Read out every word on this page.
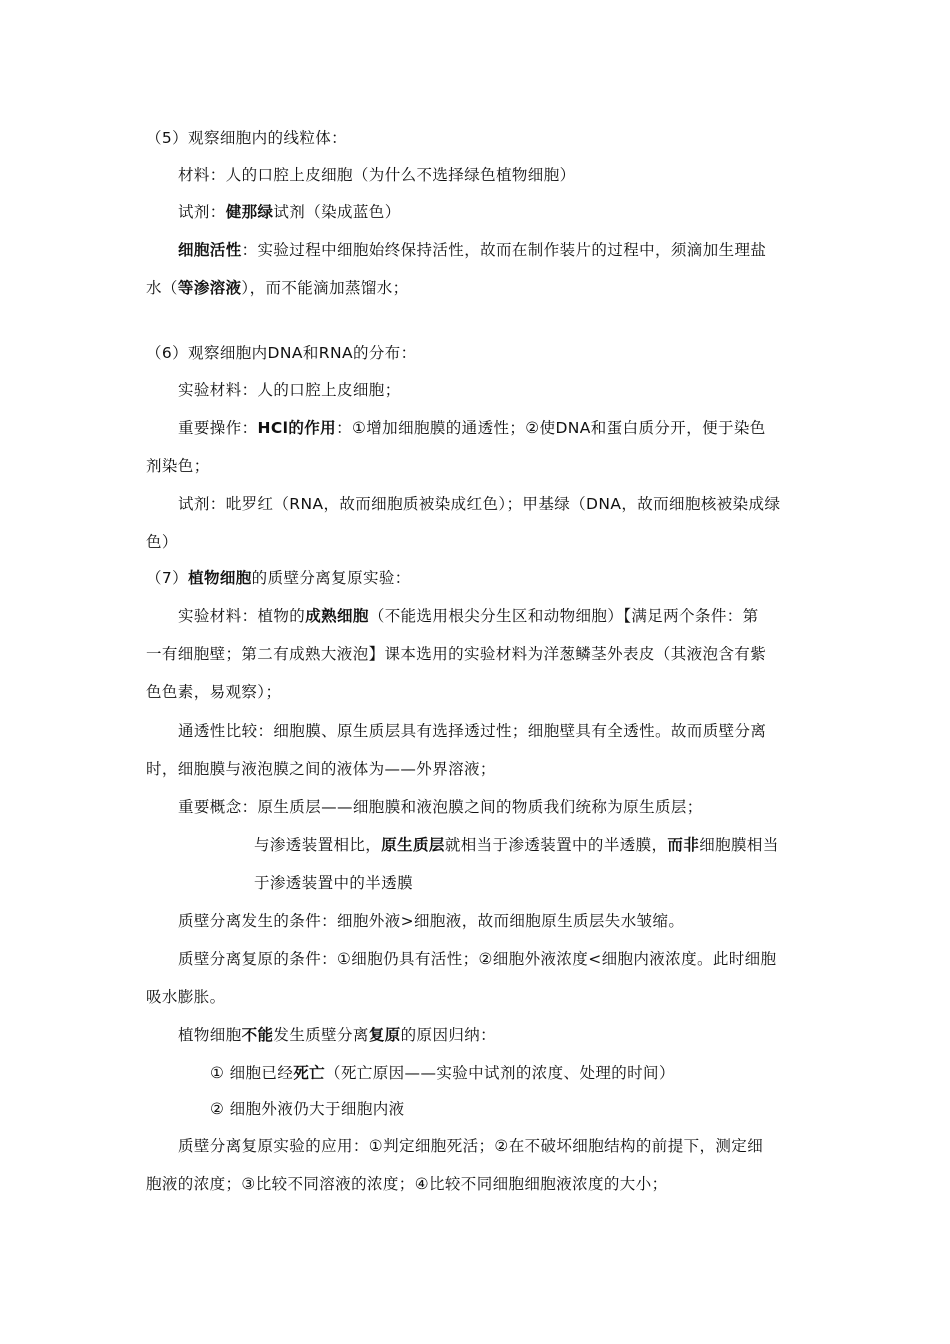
（5）观察细胞内的线粒体：
材料：人的口腔上皮细胞（为什么不选择绿色植物细胞）
试剂：健那绿试剂（染成蓝色）
细胞活性：实验过程中细胞始终保持活性，故而在制作装片的过程中，须滴加生理盐
水（等渗溶液），而不能滴加蒸馏水；
（6）观察细胞内DNA和RNA的分布：
实验材料：人的口腔上皮细胞；
重要操作：HCl的作用：①增加细胞膜的通透性；②使DNA和蛋白质分开，便于染色
剂染色；
试剂：吡罗红（RNA，故而细胞质被染成红色）；甲基绿（DNA，故而细胞核被染成绿
色）
（7）植物细胞的质壁分离复原实验：
实验材料：植物的成熟细胞（不能选用根尖分生区和动物细胞）【满足两个条件：第
一有细胞壁；第二有成熟大液泡】课本选用的实验材料为洋葱鳞茎外表皮（其液泡含有紫
色色素，易观察）；
通透性比较：细胞膜、原生质层具有选择透过性；细胞壁具有全透性。故而质壁分离
时，细胞膜与液泡膜之间的液体为——外界溶液；
重要概念：原生质层——细胞膜和液泡膜之间的物质我们统称为原生质层；
与渗透装置相比，原生质层就相当于渗透装置中的半透膜，而非细胞膜相当
于渗透装置中的半透膜
质壁分离发生的条件：细胞外液>细胞液，故而细胞原生质层失水皱缩。
质壁分离复原的条件：①细胞仍具有活性；②细胞外液浓度<细胞内液浓度。此时细胞
吸水膨胀。
植物细胞不能发生质壁分离复原的原因归纳：
① 细胞已经死亡（死亡原因——实验中试剂的浓度、处理的时间）
② 细胞外液仍大于细胞内液
质壁分离复原实验的应用：①判定细胞死活；②在不破坏细胞结构的前提下，测定细
胞液的浓度；③比较不同溶液的浓度；④比较不同细胞细胞液浓度的大小；
